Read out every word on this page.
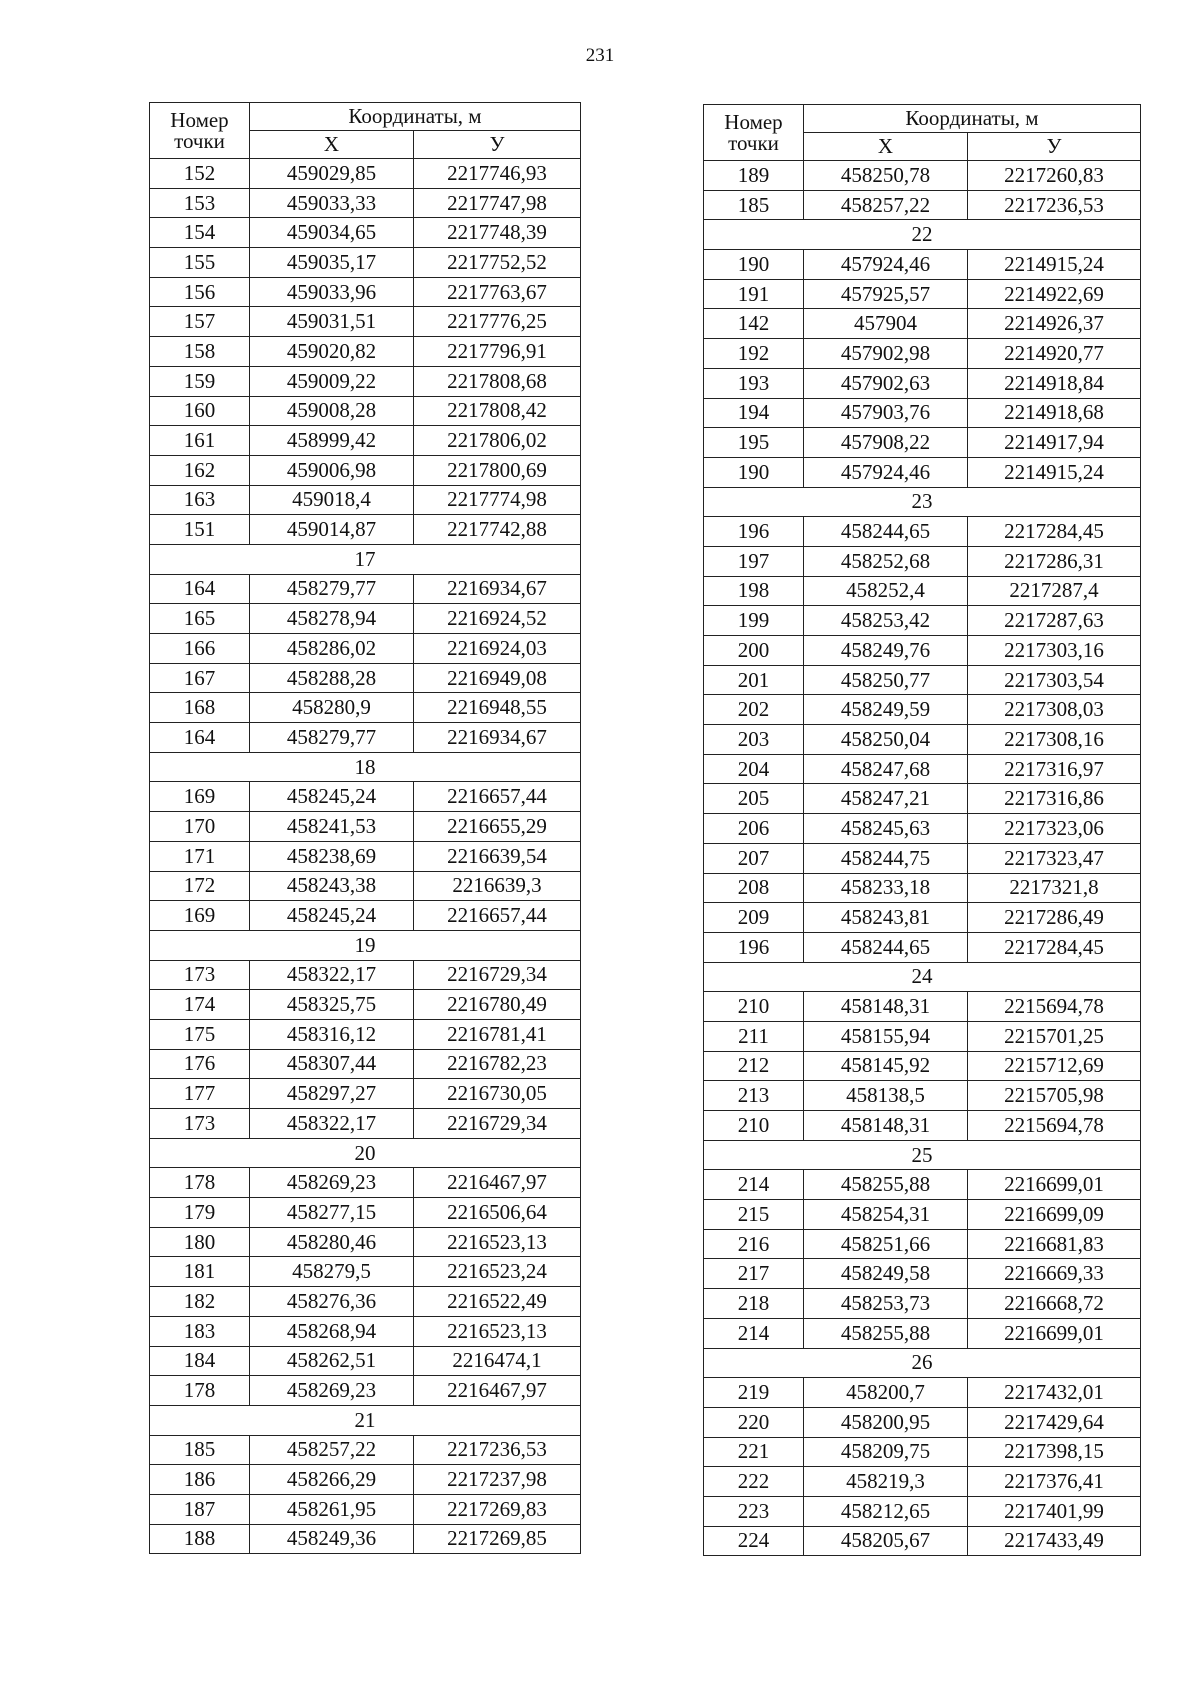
231
Номер
точки	Координаты, м	
	X	У
152	459029,85	2217746,93
153	459033,33	2217747,98
154	459034,65	2217748,39
155	459035,17	2217752,52
156	459033,96	2217763,67
157	459031,51	2217776,25
158	459020,82	2217796,91
159	459009,22	2217808,68
160	459008,28	2217808,42
161	458999,42	2217806,02
162	459006,98	2217800,69
163	459018,4	2217774,98
151	459014,87	2217742,88
17		
164	458279,77	2216934,67
165	458278,94	2216924,52
166	458286,02	2216924,03
167	458288,28	2216949,08
168	458280,9	2216948,55
164	458279,77	2216934,67
18		
169	458245,24	2216657,44
170	458241,53	2216655,29
171	458238,69	2216639,54
172	458243,38	2216639,3
169	458245,24	2216657,44
19		
173	458322,17	2216729,34
174	458325,75	2216780,49
175	458316,12	2216781,41
176	458307,44	2216782,23
177	458297,27	2216730,05
173	458322,17	2216729,34
20		
178	458269,23	2216467,97
179	458277,15	2216506,64
180	458280,46	2216523,13
181	458279,5	2216523,24
182	458276,36	2216522,49
183	458268,94	2216523,13
184	458262,51	2216474,1
178	458269,23	2216467,97
21		
185	458257,22	2217236,53
186	458266,29	2217237,98
187	458261,95	2217269,83
188	458249,36	2217269,85
Номер
точки	Координаты, м	
	X	У
189	458250,78	2217260,83
185	458257,22	2217236,53
22		
190	457924,46	2214915,24
191	457925,57	2214922,69
142	457904	2214926,37
192	457902,98	2214920,77
193	457902,63	2214918,84
194	457903,76	2214918,68
195	457908,22	2214917,94
190	457924,46	2214915,24
23		
196	458244,65	2217284,45
197	458252,68	2217286,31
198	458252,4	2217287,4
199	458253,42	2217287,63
200	458249,76	2217303,16
201	458250,77	2217303,54
202	458249,59	2217308,03
203	458250,04	2217308,16
204	458247,68	2217316,97
205	458247,21	2217316,86
206	458245,63	2217323,06
207	458244,75	2217323,47
208	458233,18	2217321,8
209	458243,81	2217286,49
196	458244,65	2217284,45
24		
210	458148,31	2215694,78
211	458155,94	2215701,25
212	458145,92	2215712,69
213	458138,5	2215705,98
210	458148,31	2215694,78
25		
214	458255,88	2216699,01
215	458254,31	2216699,09
216	458251,66	2216681,83
217	458249,58	2216669,33
218	458253,73	2216668,72
214	458255,88	2216699,01
26		
219	458200,7	2217432,01
220	458200,95	2217429,64
221	458209,75	2217398,15
222	458219,3	2217376,41
223	458212,65	2217401,99
224	458205,67	2217433,49
